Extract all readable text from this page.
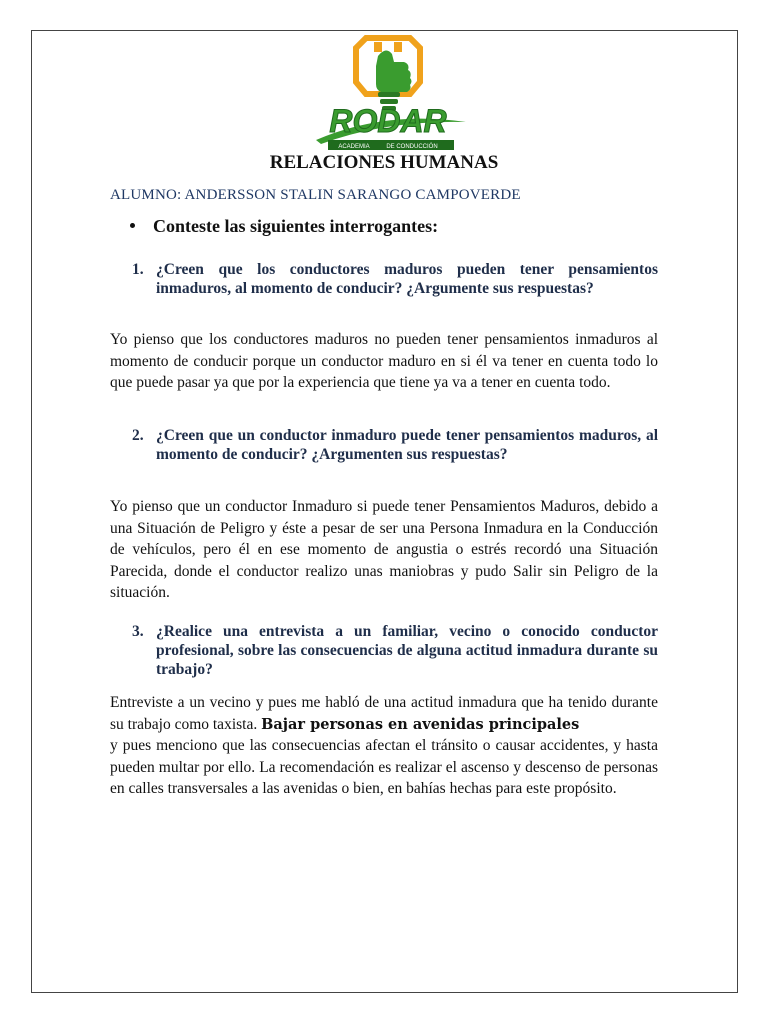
RODAR
ACADEMIA	DE CONDUCCIÓN
RELACIONES HUMANAS
ALUMNO: ANDERSSON STALIN SARANGO CAMPOVERDE
Conteste las siguientes interrogantes:
1. ¿Creen que los conductores maduros pueden tener pensamientos inmaduros, al momento de conducir? ¿Argumente sus respuestas?
Yo pienso que los conductores maduros no pueden tener pensamientos inmaduros al momento de conducir porque un conductor maduro en si él va tener en cuenta todo lo que puede pasar ya que por la experiencia que tiene ya va a tener en cuenta todo.
2. ¿Creen que un conductor inmaduro puede tener pensamientos maduros, al momento de conducir? ¿Argumenten sus respuestas?
Yo pienso que un conductor Inmaduro si puede tener Pensamientos Maduros, debido a una Situación de Peligro y éste a pesar de ser una Persona Inmadura en la Conducción de vehículos, pero él en ese momento de angustia o estrés recordó una Situación Parecida, donde el conductor realizo unas maniobras y pudo Salir sin Peligro de la situación.
3. ¿Realice una entrevista a un familiar, vecino o conocido conductor profesional, sobre las consecuencias de alguna actitud inmadura durante su trabajo?
Entreviste a un vecino y pues me habló de una actitud inmadura que ha tenido durante su trabajo como taxista. Bajar personas en avenidas principales
y pues menciono que las consecuencias afectan el tránsito o causar accidentes, y hasta pueden multar por ello. La recomendación es realizar el ascenso y descenso de personas en calles transversales a las avenidas o bien, en bahías hechas para este propósito.
